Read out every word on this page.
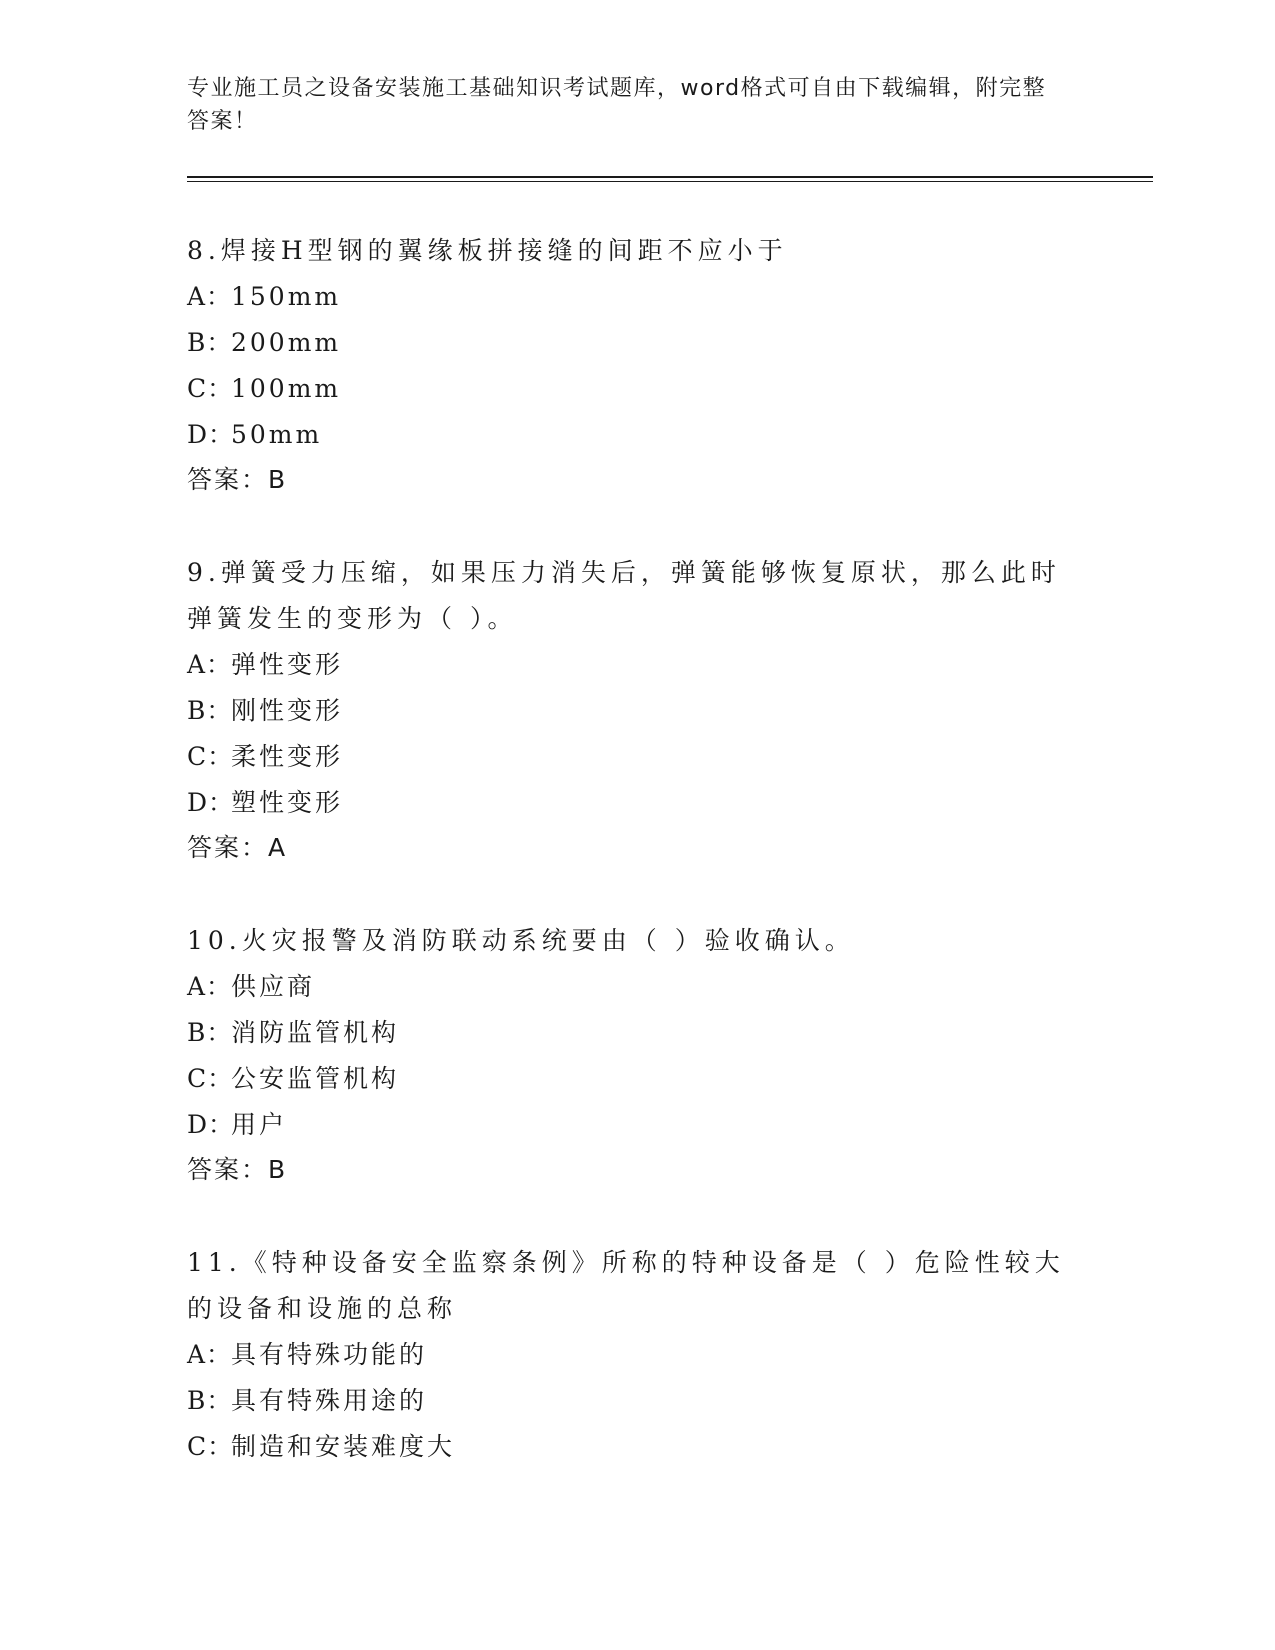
专业施工员之设备安装施工基础知识考试题库，word格式可自由下载编辑，附完整答案！
8.焊接H型钢的翼缘板拼接缝的间距不应小于
A：150mm
B：200mm
C：100mm
D：50mm
答案：B
9.弹簧受力压缩，如果压力消失后，弹簧能够恢复原状，那么此时弹簧发生的变形为（ ）。
A：弹性变形
B：刚性变形
C：柔性变形
D：塑性变形
答案：A
10.火灾报警及消防联动系统要由（ ）验收确认。
A：供应商
B：消防监管机构
C：公安监管机构
D：用户
答案：B
11.《特种设备安全监察条例》所称的特种设备是（ ）危险性较大的设备和设施的总称
A：具有特殊功能的
B：具有特殊用途的
C：制造和安装难度大
